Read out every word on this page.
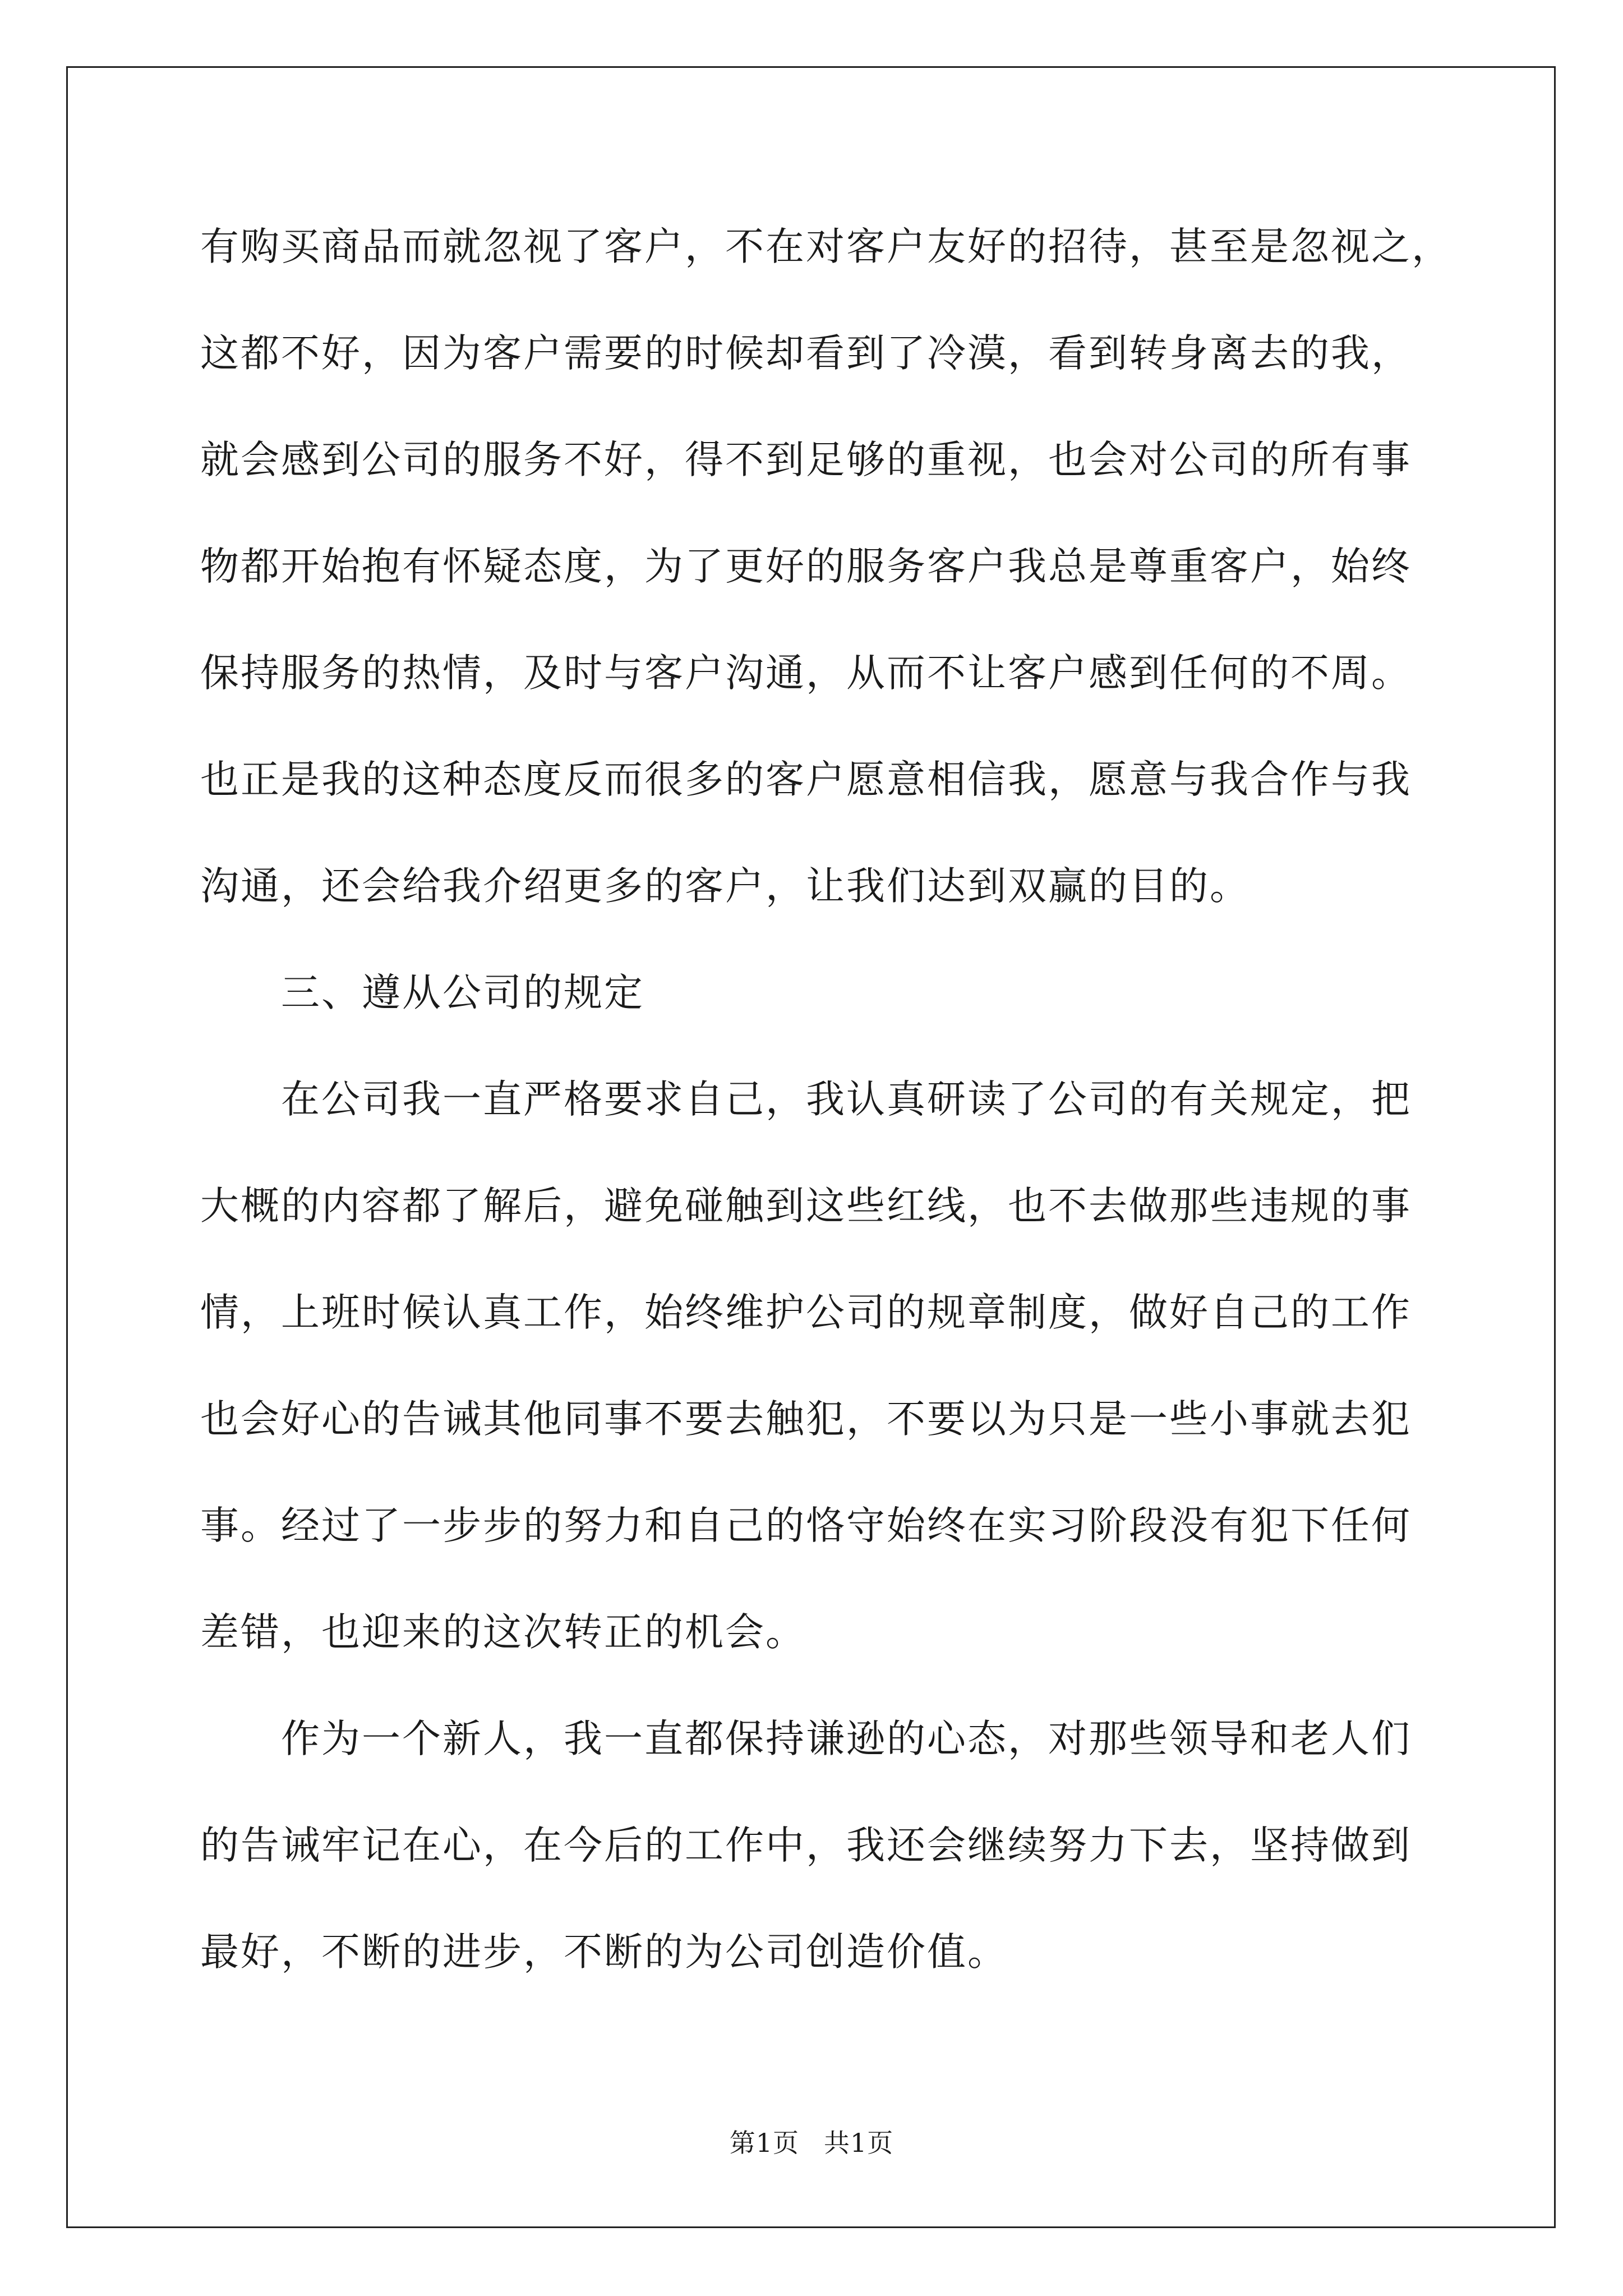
有购买商品而就忽视了客户，不在对客户友好的招待，甚至是忽视之，
这都不好，因为客户需要的时候却看到了冷漠，看到转身离去的我，
就会感到公司的服务不好，得不到足够的重视，也会对公司的所有事
物都开始抱有怀疑态度，为了更好的服务客户我总是尊重客户，始终
保持服务的热情，及时与客户沟通，从而不让客户感到任何的不周。
也正是我的这种态度反而很多的客户愿意相信我，愿意与我合作与我
沟通，还会给我介绍更多的客户，让我们达到双赢的目的。
三、遵从公司的规定
在公司我一直严格要求自己，我认真研读了公司的有关规定，把
大概的内容都了解后，避免碰触到这些红线，也不去做那些违规的事
情，上班时候认真工作，始终维护公司的规章制度，做好自己的工作
也会好心的告诫其他同事不要去触犯，不要以为只是一些小事就去犯
事。经过了一步步的努力和自己的恪守始终在实习阶段没有犯下任何
差错，也迎来的这次转正的机会。
作为一个新人，我一直都保持谦逊的心态，对那些领导和老人们
的告诫牢记在心，在今后的工作中，我还会继续努力下去，坚持做到
最好，不断的进步，不断的为公司创造价值。
第1页 共1页
